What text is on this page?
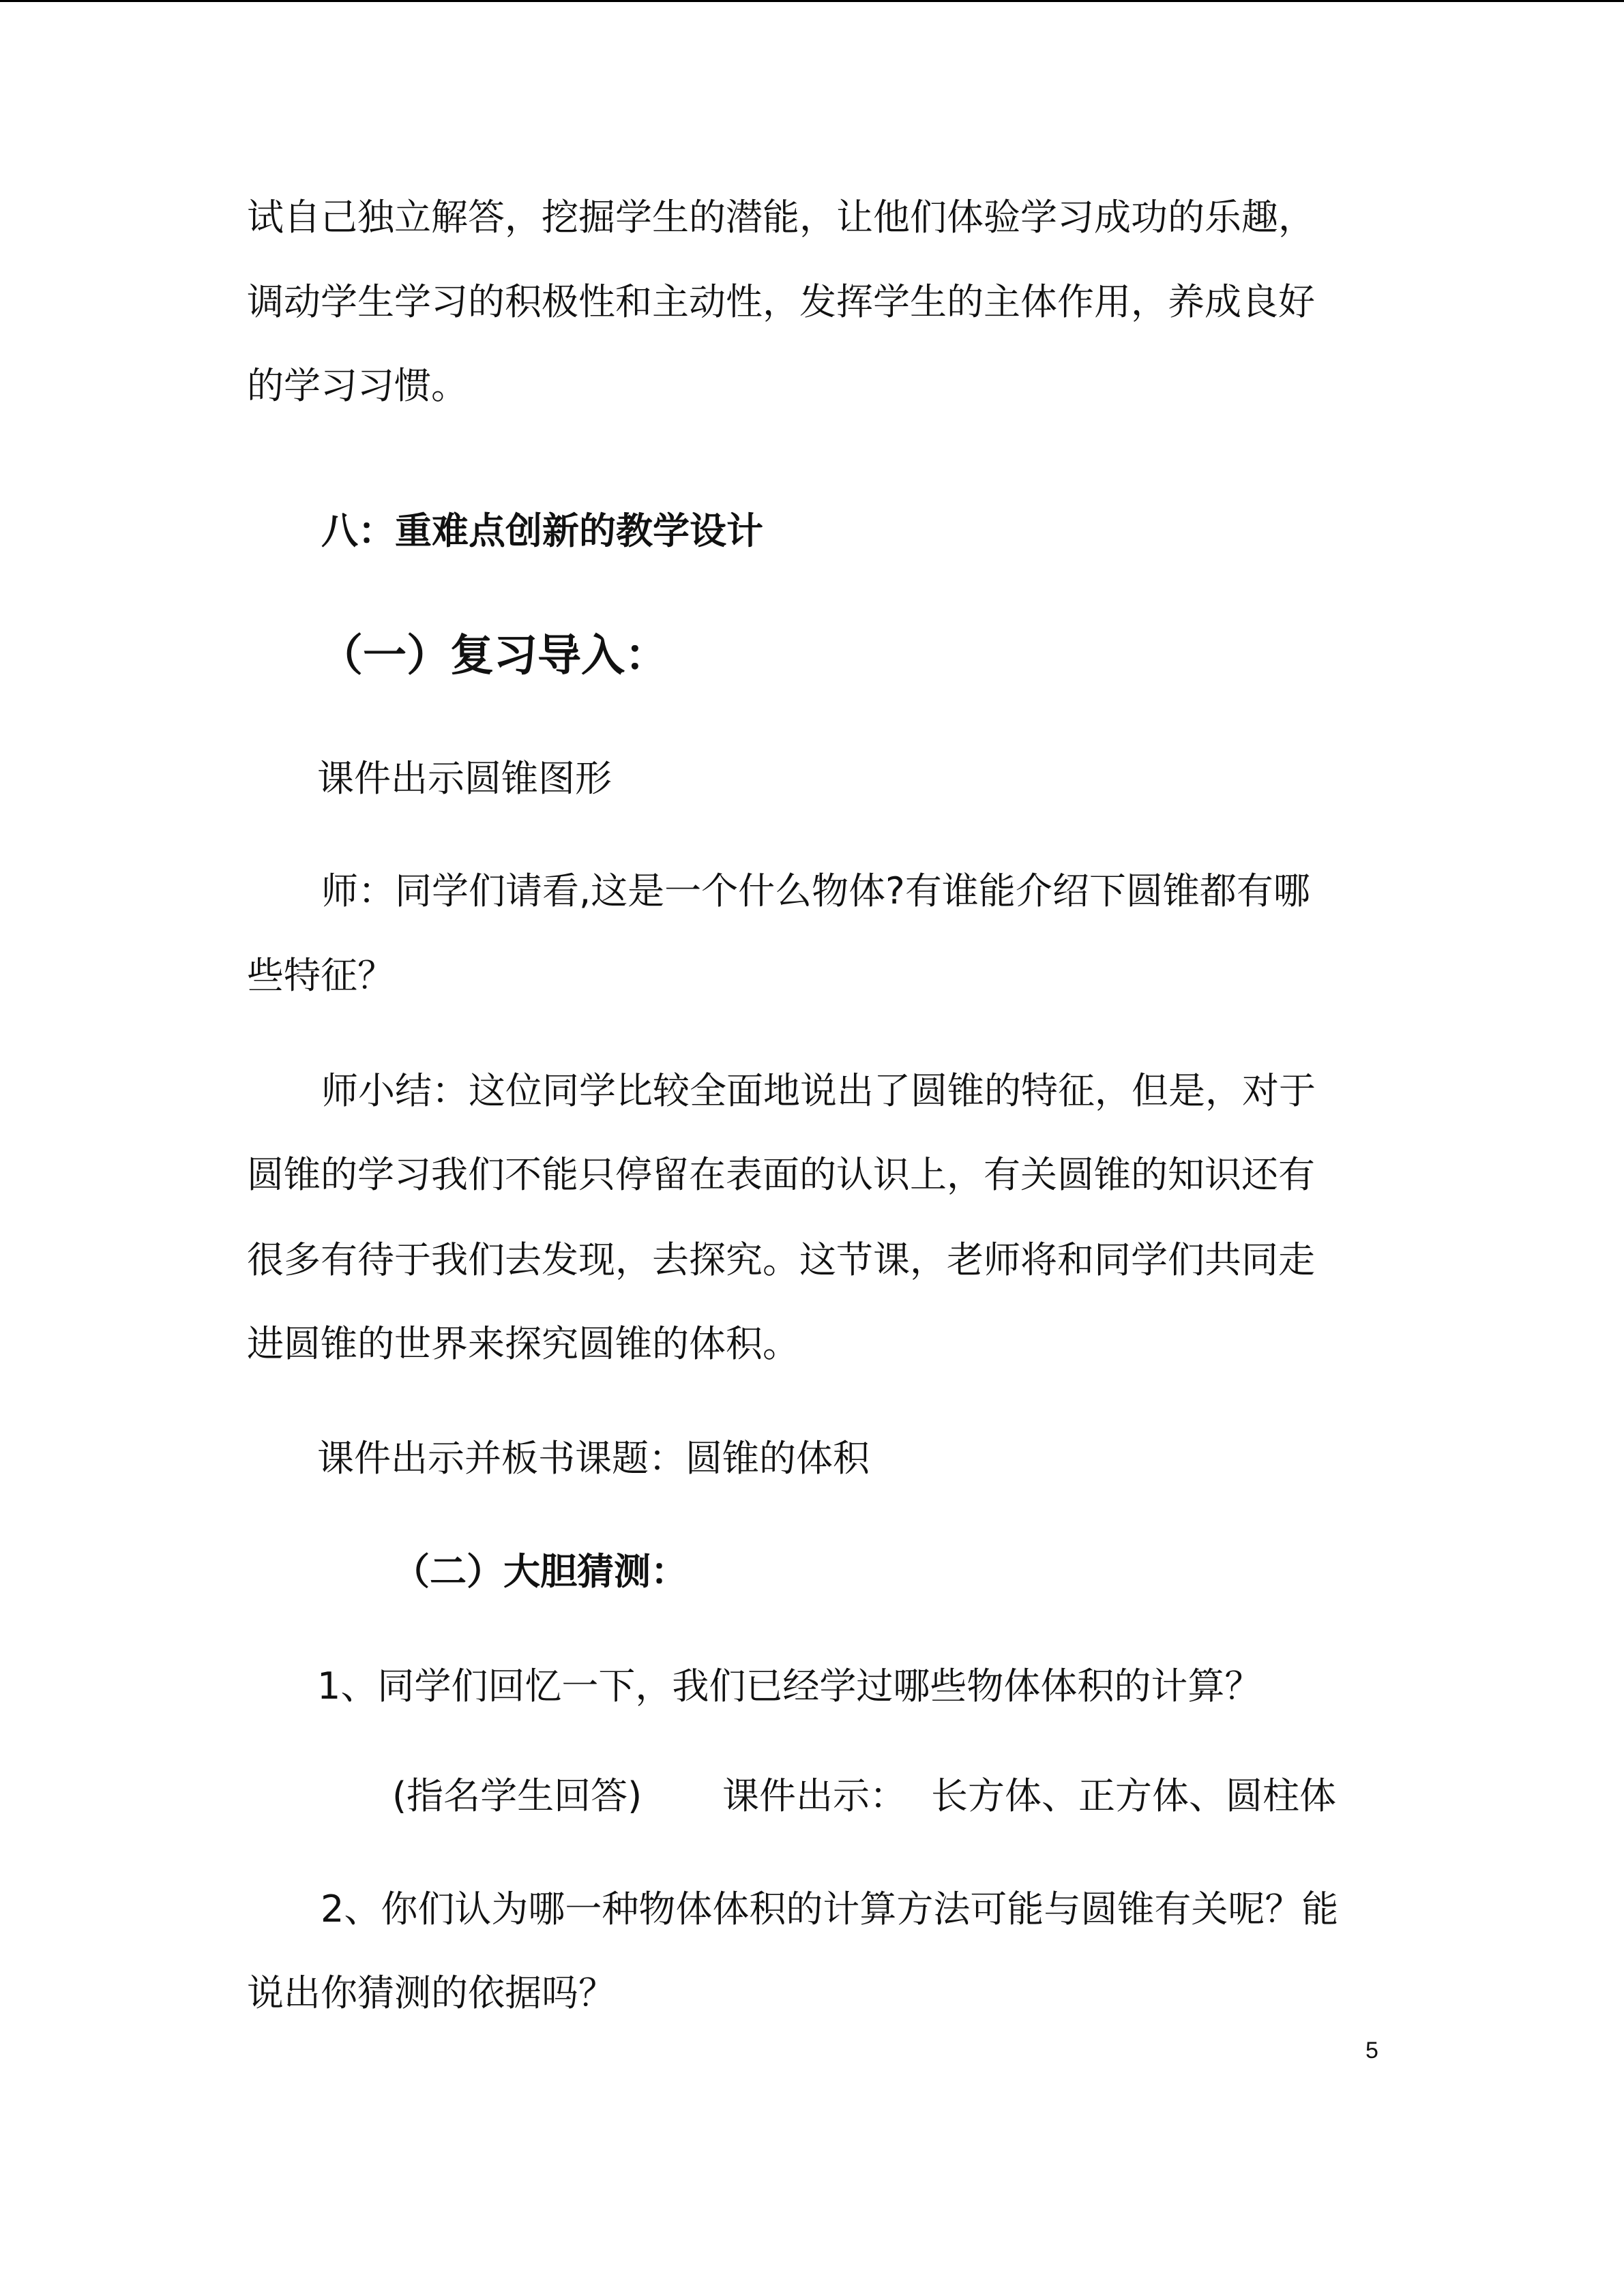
试自己独立解答，挖掘学生的潜能，让他们体验学习成功的乐趣，
调动学生学习的积极性和主动性，发挥学生的主体作用，养成良好
的学习习惯。
八：重难点创新的教学设计
（一）复习导入：
课件出示圆锥图形
师：同学们请看,这是一个什么物体?有谁能介绍下圆锥都有哪
些特征？
师小结：这位同学比较全面地说出了圆锥的特征，但是，对于
圆锥的学习我们不能只停留在表面的认识上，有关圆锥的知识还有
很多有待于我们去发现，去探究。这节课，老师将和同学们共同走
进圆锥的世界来探究圆锥的体积。
课件出示并板书课题：圆锥的体积
（二）大胆猜测：
1、同学们回忆一下，我们已经学过哪些物体体积的计算？
(指名学生回答) 课件出示： 长方体、正方体、圆柱体
2、你们认为哪一种物体体积的计算方法可能与圆锥有关呢？能
说出你猜测的依据吗？
5
